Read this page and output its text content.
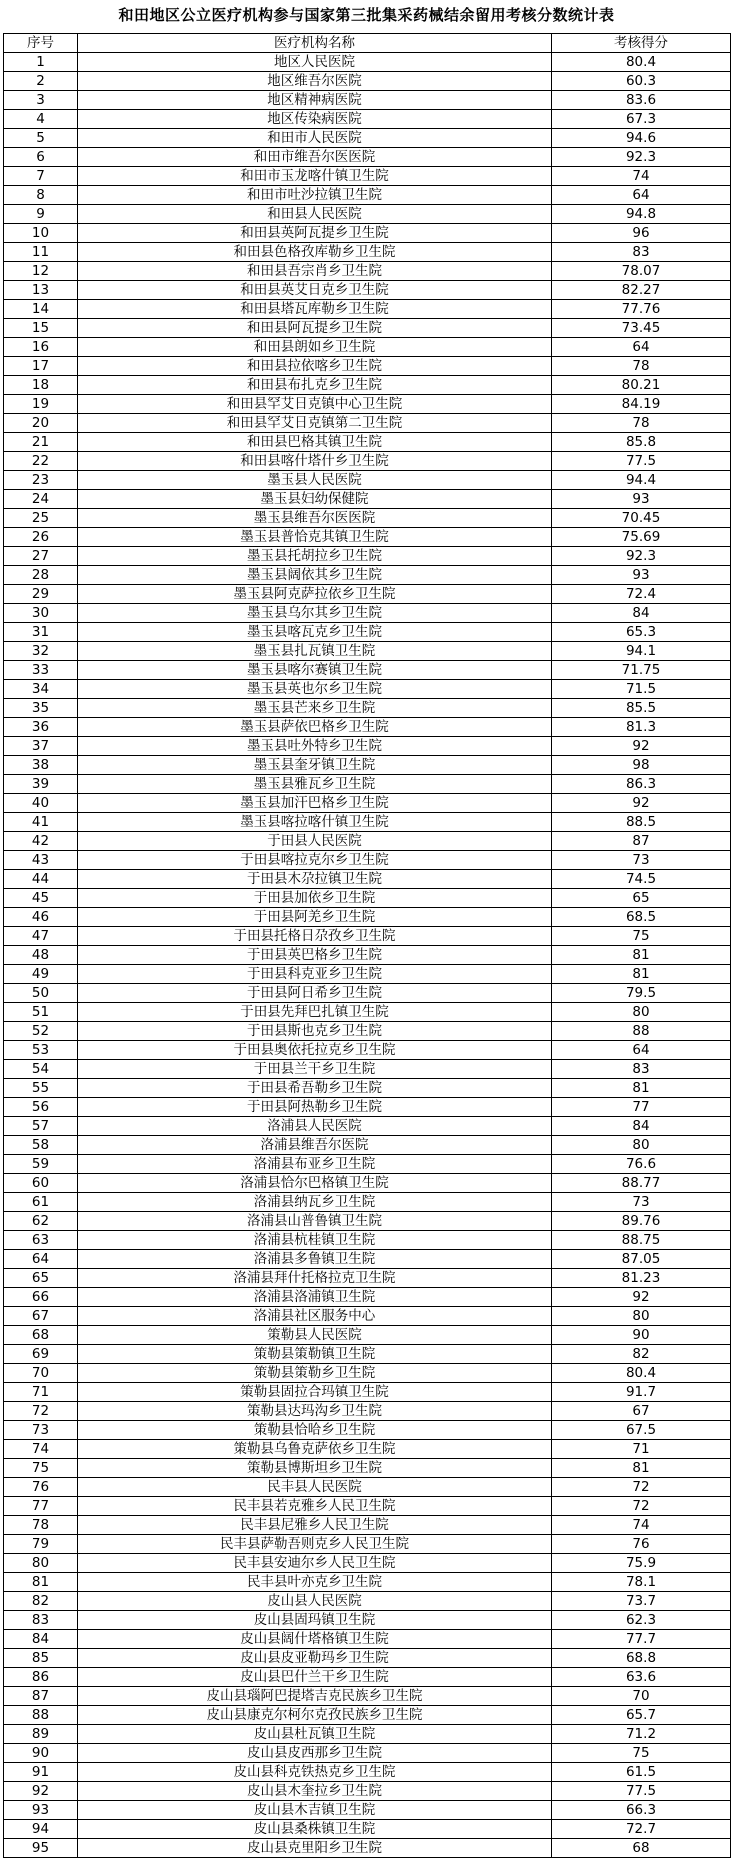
和田地区公立医疗机构参与国家第三批集采药械结余留用考核分数统计表
序号	医疗机构名称	考核得分
1	地区人民医院	80.4
2	地区维吾尔医院	60.3
3	地区精神病医院	83.6
4	地区传染病医院	67.3
5	和田市人民医院	94.6
6	和田市维吾尔医医院	92.3
7	和田市玉龙喀什镇卫生院	74
8	和田市吐沙拉镇卫生院	64
9	和田县人民医院	94.8
10	和田县英阿瓦提乡卫生院	96
11	和田县色格孜库勒乡卫生院	83
12	和田县吾宗肖乡卫生院	78.07
13	和田县英艾日克乡卫生院	82.27
14	和田县塔瓦库勒乡卫生院	77.76
15	和田县阿瓦提乡卫生院	73.45
16	和田县朗如乡卫生院	64
17	和田县拉依喀乡卫生院	78
18	和田县布扎克乡卫生院	80.21
19	和田县罕艾日克镇中心卫生院	84.19
20	和田县罕艾日克镇第二卫生院	78
21	和田县巴格其镇卫生院	85.8
22	和田县喀什塔什乡卫生院	77.5
23	墨玉县人民医院	94.4
24	墨玉县妇幼保健院	93
25	墨玉县维吾尔医医院	70.45
26	墨玉县普恰克其镇卫生院	75.69
27	墨玉县托胡拉乡卫生院	92.3
28	墨玉县阔依其乡卫生院	93
29	墨玉县阿克萨拉依乡卫生院	72.4
30	墨玉县乌尔其乡卫生院	84
31	墨玉县喀瓦克乡卫生院	65.3
32	墨玉县扎瓦镇卫生院	94.1
33	墨玉县喀尔赛镇卫生院	71.75
34	墨玉县英也尔乡卫生院	71.5
35	墨玉县芒来乡卫生院	85.5
36	墨玉县萨依巴格乡卫生院	81.3
37	墨玉县吐外特乡卫生院	92
38	墨玉县奎牙镇卫生院	98
39	墨玉县雅瓦乡卫生院	86.3
40	墨玉县加汗巴格乡卫生院	92
41	墨玉县喀拉喀什镇卫生院	88.5
42	于田县人民医院	87
43	于田县喀拉克尔乡卫生院	73
44	于田县木尕拉镇卫生院	74.5
45	于田县加依乡卫生院	65
46	于田县阿羌乡卫生院	68.5
47	于田县托格日尕孜乡卫生院	75
48	于田县英巴格乡卫生院	81
49	于田县科克亚乡卫生院	81
50	于田县阿日希乡卫生院	79.5
51	于田县先拜巴扎镇卫生院	80
52	于田县斯也克乡卫生院	88
53	于田县奥依托拉克乡卫生院	64
54	于田县兰干乡卫生院	83
55	于田县希吾勒乡卫生院	81
56	于田县阿热勒乡卫生院	77
57	洛浦县人民医院	84
58	洛浦县维吾尔医院	80
59	洛浦县布亚乡卫生院	76.6
60	洛浦县恰尔巴格镇卫生院	88.77
61	洛浦县纳瓦乡卫生院	73
62	洛浦县山普鲁镇卫生院	89.76
63	洛浦县杭桂镇卫生院	88.75
64	洛浦县多鲁镇卫生院	87.05
65	洛浦县拜什托格拉克卫生院	81.23
66	洛浦县洛浦镇卫生院	92
67	洛浦县社区服务中心	80
68	策勒县人民医院	90
69	策勒县策勒镇卫生院	82
70	策勒县策勒乡卫生院	80.4
71	策勒县固拉合玛镇卫生院	91.7
72	策勒县达玛沟乡卫生院	67
73	策勒县恰哈乡卫生院	67.5
74	策勒县乌鲁克萨依乡卫生院	71
75	策勒县博斯坦乡卫生院	81
76	民丰县人民医院	72
77	民丰县若克雅乡人民卫生院	72
78	民丰县尼雅乡人民卫生院	74
79	民丰县萨勒吾则克乡人民卫生院	76
80	民丰县安迪尔乡人民卫生院	75.9
81	民丰县叶亦克乡卫生院	78.1
82	皮山县人民医院	73.7
83	皮山县固玛镇卫生院	62.3
84	皮山县阔什塔格镇卫生院	77.7
85	皮山县皮亚勒玛乡卫生院	68.8
86	皮山县巴什兰干乡卫生院	63.6
87	皮山县瑙阿巴提塔吉克民族乡卫生院	70
88	皮山县康克尔柯尔克孜民族乡卫生院	65.7
89	皮山县杜瓦镇卫生院	71.2
90	皮山县皮西那乡卫生院	75
91	皮山县科克铁热克乡卫生院	61.5
92	皮山县木奎拉乡卫生院	77.5
93	皮山县木吉镇卫生院	66.3
94	皮山县桑株镇卫生院	72.7
95	皮山县克里阳乡卫生院	68
